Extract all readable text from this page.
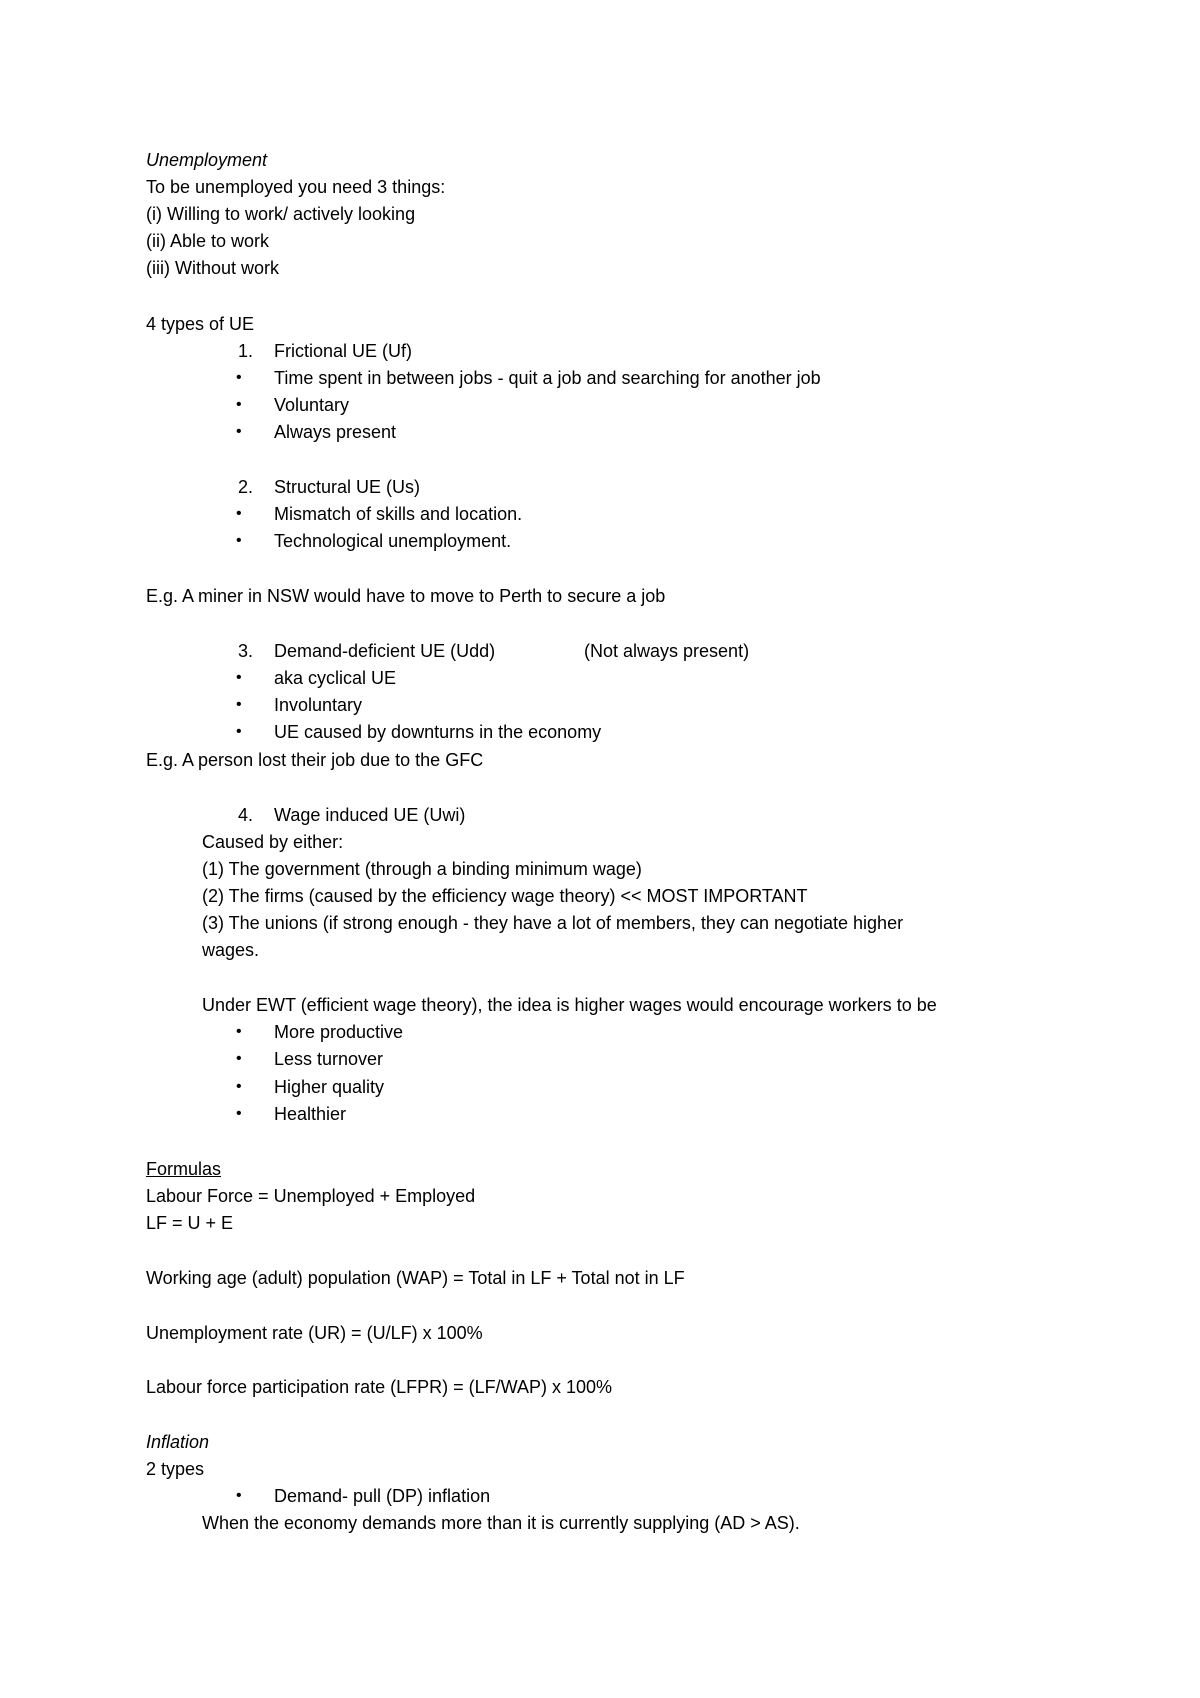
Unemployment
To be unemployed you need 3 things:
(i) Willing to work/ actively looking
(ii) Able to work
(iii) Without work
4 types of UE
1. Frictional UE (Uf)
• Time spent in between jobs - quit a job and searching for another job
• Voluntary
• Always present
2. Structural UE (Us)
• Mismatch of skills and location.
• Technological unemployment.
E.g. A miner in NSW would have to move to Perth to secure a job
3. Demand-deficient UE (Udd)	(Not always present)
• aka cyclical UE
• Involuntary
• UE caused by downturns in the economy
E.g. A person lost their job due to the GFC
4. Wage induced UE (Uwi)
Caused by either:
(1) The government (through a binding minimum wage)
(2) The firms (caused by the efficiency wage theory) << MOST IMPORTANT
(3) The unions (if strong enough - they have a lot of members, they can negotiate higher
wages.
Under EWT (efficient wage theory), the idea is higher wages would encourage workers to be
• More productive
• Less turnover
• Higher quality
• Healthier
Formulas
Labour Force = Unemployed + Employed
LF = U + E
Working age (adult) population (WAP) = Total in LF + Total not in LF
Unemployment rate (UR) = (U/LF) x 100%
Labour force participation rate (LFPR) = (LF/WAP) x 100%
Inflation
2 types
• Demand- pull (DP) inflation
When the economy demands more than it is currently supplying (AD > AS).
